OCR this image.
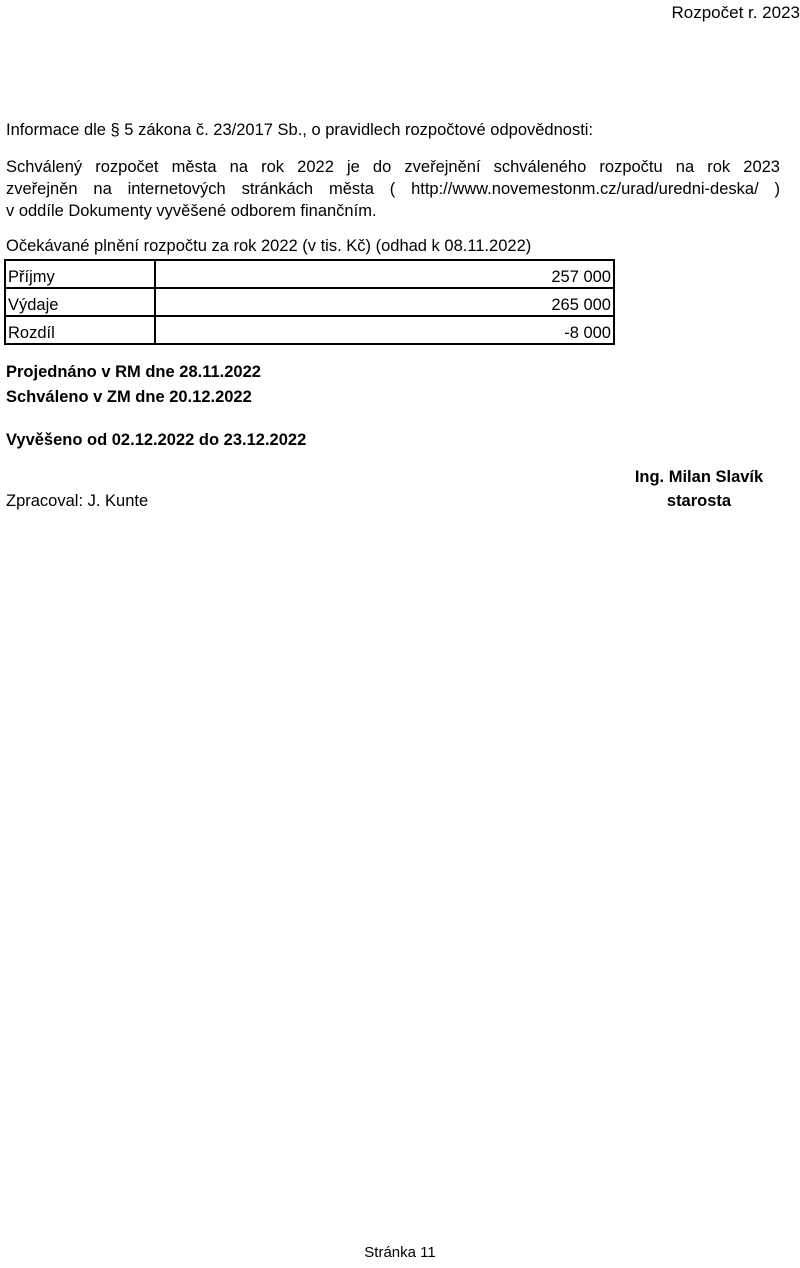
Rozpočet r. 2023
Informace dle § 5 zákona č. 23/2017 Sb., o pravidlech rozpočtové odpovědnosti:
Schválený rozpočet města na rok 2022 je do zveřejnění schváleného rozpočtu na rok 2023
zveřejněn na internetových stránkách města ( http://www.novemestonm.cz/urad/uredni-deska/ )
v oddíle Dokumenty vyvěšené odborem finančním.
Očekávané plnění rozpočtu za rok 2022 (v tis. Kč) (odhad k 08.11.2022)
Příjmy	257 000
Výdaje	265 000
Rozdíl	-8 000
Projednáno v RM dne 28.11.2022
Schváleno v ZM dne 20.12.2022
Vyvěšeno od 02.12.2022 do 23.12.2022
Zpracoval: J. Kunte
Ing. Milan Slavík
starosta
Stránka 11
